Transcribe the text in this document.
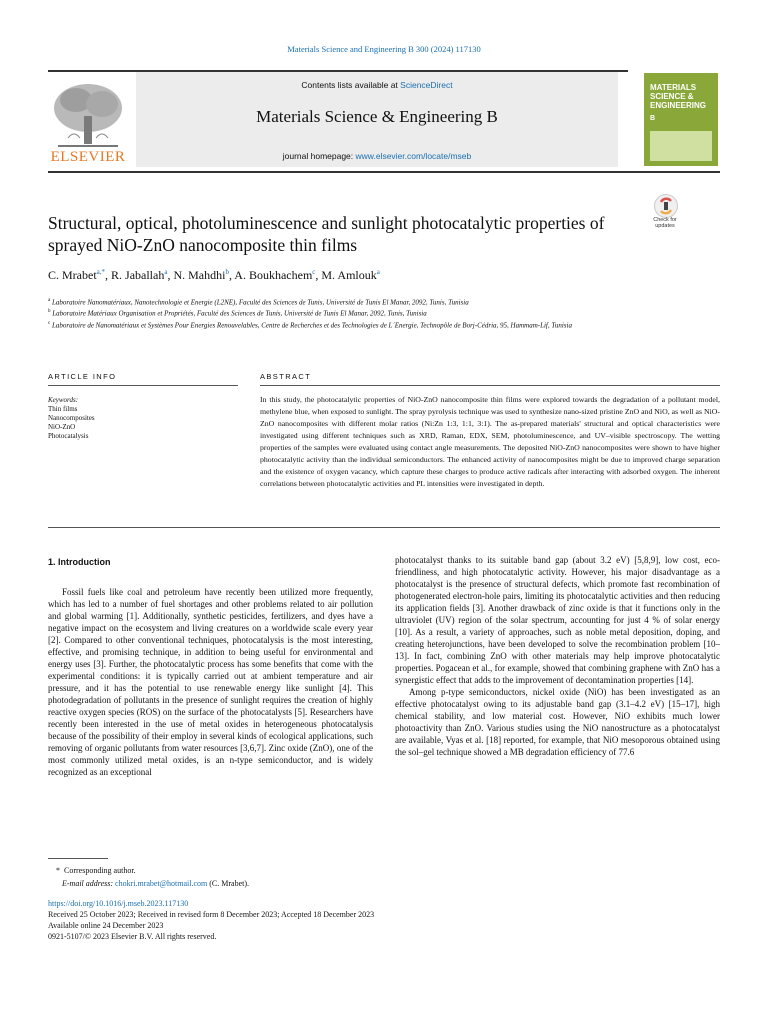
Materials Science and Engineering B 300 (2024) 117130
Contents lists available at ScienceDirect
Materials Science & Engineering B
journal homepage: www.elsevier.com/locate/mseb
ELSEVIER
MATERIALS SCIENCE & ENGINEERING
B
Check for updates
Structural, optical, photoluminescence and sunlight photocatalytic properties of sprayed NiO-ZnO nanocomposite thin films
C. Mrabet$^{a,*}$, R. Jaballah$^a$, N. Mahdhi$^b$, A. Boukhachem$^c$, M. Amlouk$^a$
$^a$ Laboratoire Nanomatériaux, Nanotechnologie et Energie (L2NE), Faculté des Sciences de Tunis, Université de Tunis El Manar, 2092, Tunis, Tunisia
$^b$ Laboratoire Matériaux Organisation et Propriétés, Faculté des Sciences de Tunis, Université de Tunis El Manar, 2092, Tunis, Tunisia
$^c$ Laboratoire de Nanomatériaux et Systèmes Pour Energies Renouvelables, Centre de Recherches et des Technologies de L´Energie, Technopôle de Borj-Cédria, 95, Hammam-Lif, Tunisia
ARTICLE INFO
Keywords:
Thin films
Nanocomposites
NiO-ZnO
Photocatalysis
ABSTRACT
In this study, the photocatalytic properties of NiO-ZnO nanocomposite thin films were explored towards the degradation of a pollutant model, methylene blue, when exposed to sunlight. The spray pyrolysis technique was used to synthesize nano-sized pristine ZnO and NiO, as well as NiO-ZnO nanocomposites with different molar ratios (Ni:Zn 1:3, 1:1, 3:1). The as-prepared materials' structural and optical characteristics were investigated using different techniques such as XRD, Raman, EDX, SEM, photoluminescence, and UV–visible spectroscopy. The wetting properties of the samples were evaluated using contact angle measurements. The deposited NiO-ZnO nanocomposites were shown to have higher photocatalytic activity than the individual semiconductors. The enhanced activity of nanocomposites might be due to improved charge separation and the existence of oxygen vacancy, which capture these charges to produce active radicals after interacting with adsorbed oxygen. The inherent correlations between photocatalytic activities and PL intensities were investigated in depth.
1. Introduction

Fossil fuels like coal and petroleum have recently been utilized more frequently, which has led to a number of fuel shortages and other problems related to air pollution and global warming [1]. Additionally, synthetic pesticides, fertilizers, and dyes have a negative impact on the ecosystem and living creatures on a worldwide scale every year [2]. Compared to other conventional techniques, photocatalysis is the most interesting, effective, and promising technique, in addition to being useful for environmental and energy uses [3]. Further, the photocatalytic process has some benefits that come with the experimental conditions: it is typically carried out at ambient temperature and air pressure, and it has the potential to use renewable energy like sunlight [4]. This photodegradation of pollutants in the presence of sunlight requires the creation of highly reactive oxygen species (ROS) on the surface of the photocatalysts [5]. Researchers have recently been interested in the use of metal oxides in heterogeneous photocatalysis because of the possibility of their employ in several kinds of ecological applications, such removing of organic pollutants from water resources [3,6,7]. Zinc oxide (ZnO), one of the most commonly utilized metal oxides, is an n-type semiconductor, and is widely recognized as an exceptional

photocatalyst thanks to its suitable band gap (about 3.2 eV) [5,8,9], low cost, eco-friendliness, and high photocatalytic activity. However, his major disadvantage as a photocatalyst is the presence of structural defects, which promote fast recombination of photogenerated electron-hole pairs, limiting its photocatalytic activities and then reducing its application fields [3]. Another drawback of zinc oxide is that it functions only in the ultraviolet (UV) region of the solar spectrum, accounting for just 4 % of solar energy [10]. As a result, a variety of approaches, such as noble metal deposition, doping, and creating heterojunctions, have been developed to solve the recombination problem [10–13]. In fact, combining ZnO with other materials may help improve photocatalytic properties. Pogacean et al., for example, showed that combining graphene with ZnO has a synergistic effect that adds to the improvement of decontamination properties [14].

Among p-type semiconductors, nickel oxide (NiO) has been investigated as an effective photocatalyst owing to its adjustable band gap (3.1–4.2 eV) [15–17], high chemical stability, and low material cost. However, NiO exhibits much lower photoactivity than ZnO. Various studies using the NiO nanostructure as a photocatalyst are available, Vyas et al. [18] reported, for example, that NiO mesoporous obtained using the sol–gel technique showed a MB degradation efficiency of 77.6

* Corresponding author.
E-mail address: chokri.mrabet@hotmail.com (C. Mrabet).
https://doi.org/10.1016/j.mseb.2023.117130
Received 25 October 2023; Received in revised form 8 December 2023; Accepted 18 December 2023
Available online 24 December 2023
0921-5107/© 2023 Elsevier B.V. All rights reserved.
